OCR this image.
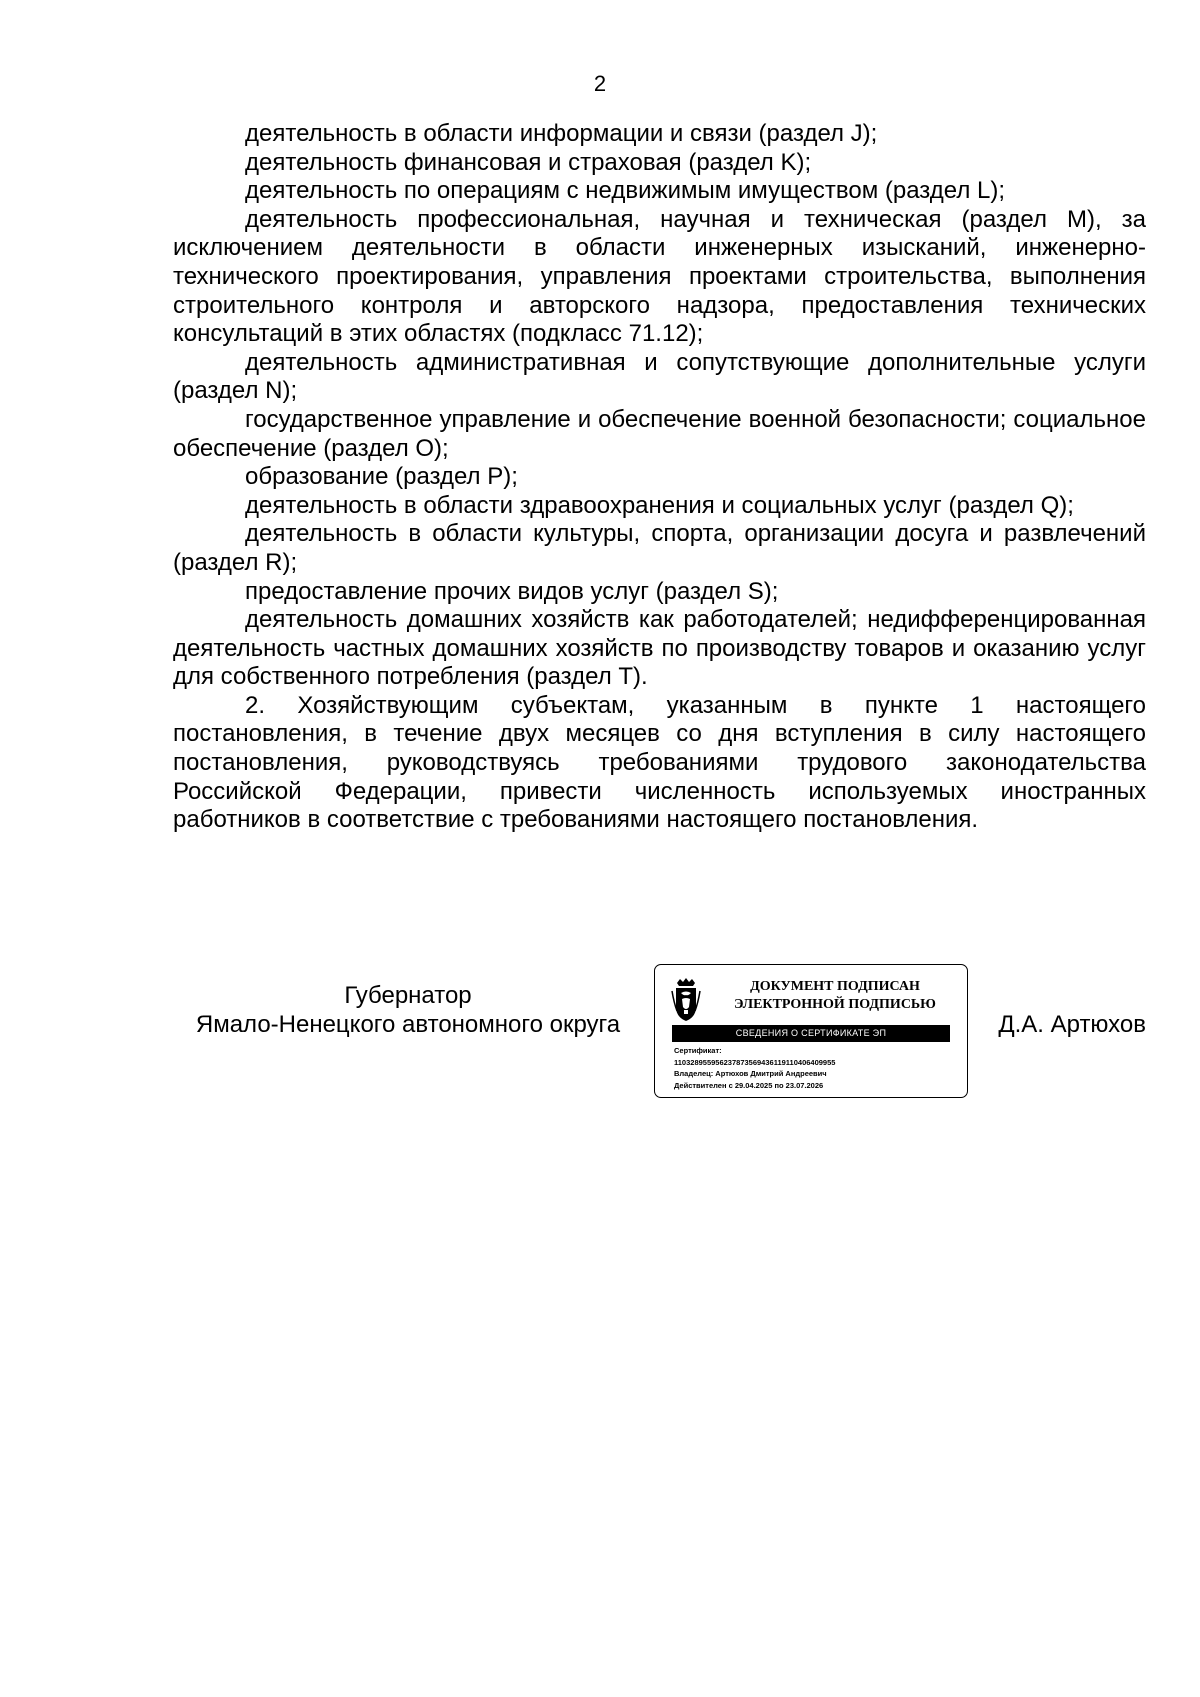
2

деятельность в области информации и связи (раздел J);

деятельность финансовая и страховая (раздел K);

деятельность по операциям с недвижимым имуществом (раздел L);

деятельность профессиональная, научная и техническая (раздел M), за исключением деятельности в области инженерных изысканий, инженерно-технического проектирования, управления проектами строительства, выполнения строительного контроля и авторского надзора, предоставления технических консультаций в этих областях (подкласс 71.12);

деятельность административная и сопутствующие дополнительные услуги (раздел N);

государственное управление и обеспечение военной безопасности; социальное обеспечение (раздел O);

образование (раздел P);

деятельность в области здравоохранения и социальных услуг (раздел Q);

деятельность в области культуры, спорта, организации досуга и развлечений (раздел R);

предоставление прочих видов услуг (раздел S);

деятельность домашних хозяйств как работодателей; недифференцированная деятельность частных домашних хозяйств по производству товаров и оказанию услуг для собственного потребления (раздел T).

2. Хозяйствующим субъектам, указанным в пункте 1 настоящего постановления, в течение двух месяцев со дня вступления в силу настоящего постановления, руководствуясь требованиями трудового законодательства Российской Федерации, привести численность используемых иностранных работников в соответствие с требованиями настоящего постановления.

Губернатор
Ямало-Ненецкого автономного округа
ДОКУМЕНТ ПОДПИСАН
ЭЛЕКТРОННОЙ ПОДПИСЬЮ
СВЕДЕНИЯ О СЕРТИФИКАТЕ ЭП
Сертификат:
110328955956237873569436119110406409955
Владелец: Артюхов Дмитрий Андреевич
Действителен с 29.04.2025 по 23.07.2026
Д.А. Артюхов
